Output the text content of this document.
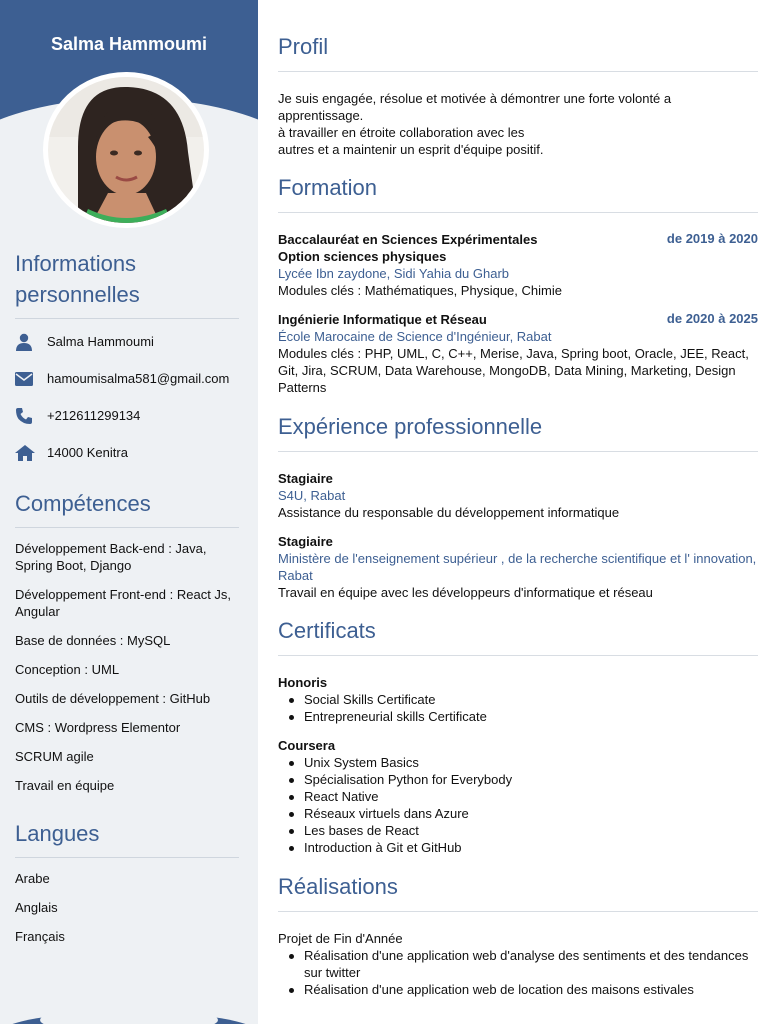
Salma Hammoumi
Informations personnelles
Salma Hammoumi
hamoumisalma581@gmail.com
+212611299134
14000 Kenitra
Compétences
Développement Back-end : Java, Spring Boot, Django
Développement Front-end : React Js, Angular
Base de données : MySQL
Conception : UML
Outils de développement : GitHub
CMS : Wordpress Elementor
SCRUM agile
Travail en équipe
Langues
Arabe
Anglais
Français
Profil
Je suis engagée, résolue et motivée à démontrer une forte volonté a apprentissage.
à travailler en étroite collaboration avec les
autres et a maintenir un esprit d'équipe positif.
Formation
Baccalauréat en Sciences Expérimentales	de 2019 à 2020
Option sciences physiques
Lycée Ibn zaydone, Sidi Yahia du Gharb
Modules clés : Mathématiques, Physique, Chimie
Ingénierie Informatique et Réseau	de 2020 à 2025
École Marocaine de Science d'Ingénieur, Rabat
Modules clés : PHP, UML, C, C++, Merise, Java, Spring boot, Oracle, JEE, React, Git, Jira, SCRUM, Data Warehouse, MongoDB, Data Mining, Marketing, Design Patterns
Expérience professionnelle
Stagiaire
S4U, Rabat
Assistance du responsable du développement informatique
Stagiaire
Ministère de l'enseignement supérieur , de la recherche scientifique et l' innovation, Rabat
Travail en équipe avec les développeurs d'informatique et réseau
Certificats
Honoris
Social Skills Certificate
Entrepreneurial skills Certificate
Coursera
Unix System Basics
Spécialisation Python for Everybody
React Native
Réseaux virtuels dans Azure
Les bases de React
Introduction à Git et GitHub
Réalisations
Projet de Fin d'Année
Réalisation d'une application web d'analyse des sentiments et des tendances sur twitter
Réalisation d'une application web de location des maisons estivales
